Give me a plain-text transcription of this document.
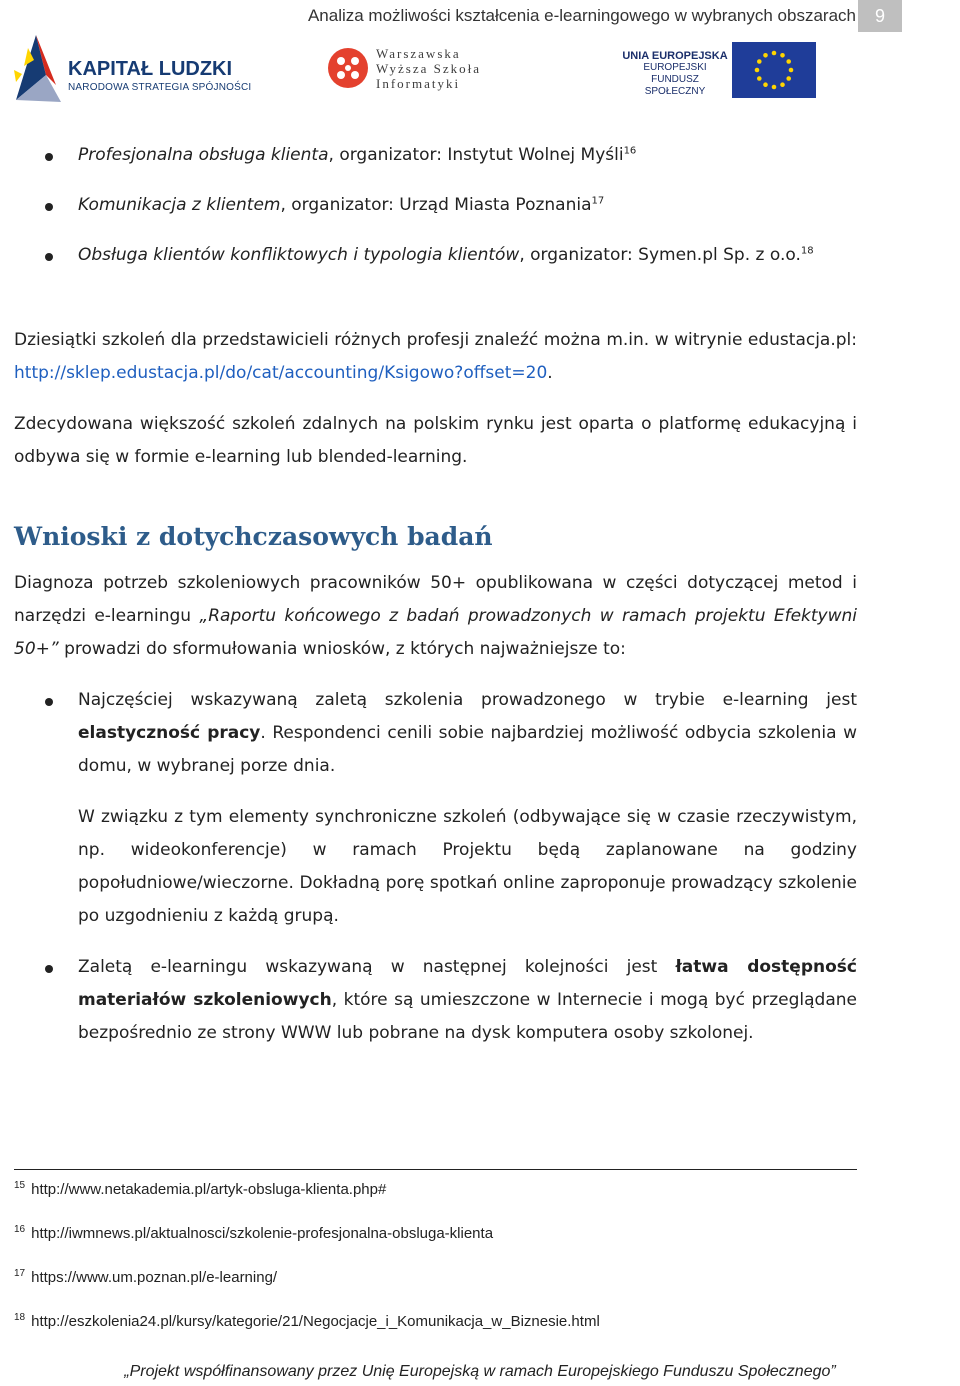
Analiza możliwości kształcenia e-learningowego w wybranych obszarach	9
KAPITAŁ LUDZKI
NARODOWA STRATEGIA SPÓJNOŚCI
Warszawska
Wyższa Szkoła
Informatyki
UNIA EUROPEJSKA
EUROPEJSKI
FUNDUSZ SPOŁECZNY
Profesjonalna obsługa klienta, organizator: Instytut Wolnej Myśli$^{16}$
Komunikacja z klientem, organizator: Urząd Miasta Poznania$^{17}$
Obsługa klientów konfliktowych i typologia klientów, organizator: Symen.pl Sp. z o.o.$^{18}$
Dziesiątki szkoleń dla przedstawicieli różnych profesji znaleźć można m.in. w witrynie edustacja.pl: http://sklep.edustacja.pl/do/cat/accounting/Ksigowo?offset=20.
Zdecydowana większość szkoleń zdalnych na polskim rynku jest oparta o platformę edukacyjną i odbywa się w formie e-learning lub blended-learning.
Wnioski z dotychczasowych badań
Diagnoza potrzeb szkoleniowych pracowników 50+ opublikowana w części dotyczącej metod i narzędzi e-learningu „Raportu końcowego z badań prowadzonych w ramach projektu Efektywni 50+” prowadzi do sformułowania wniosków, z których najważniejsze to:
Najczęściej wskazywaną zaletą szkolenia prowadzonego w trybie e-learning jest elastyczność pracy. Respondenci cenili sobie najbardziej możliwość odbycia szkolenia w domu, w wybranej porze dnia.
W związku z tym elementy synchroniczne szkoleń (odbywające się w czasie rzeczywistym, np. wideokonferencje) w ramach Projektu będą zaplanowane na godziny popołudniowe/wieczorne. Dokładną porę spotkań online zaproponuje prowadzący szkolenie po uzgodnieniu z każdą grupą.
Zaletą e-learningu wskazywaną w następnej kolejności jest łatwa dostępność materiałów szkoleniowych, które są umieszczone w Internecie i mogą być przeglądane bezpośrednio ze strony WWW lub pobrane na dysk komputera osoby szkolonej.
$^{15}$ http://www.netakademia.pl/artyk-obsluga-klienta.php#
$^{16}$ http://iwmnews.pl/aktualnosci/szkolenie-profesjonalna-obsluga-klienta
$^{17}$ https://www.um.poznan.pl/e-learning/
$^{18}$ http://eszkolenia24.pl/kursy/kategorie/21/Negocjacje_i_Komunikacja_w_Biznesie.html
„Projekt współfinansowany przez Unię Europejską w ramach Europejskiego Funduszu Społecznego”
